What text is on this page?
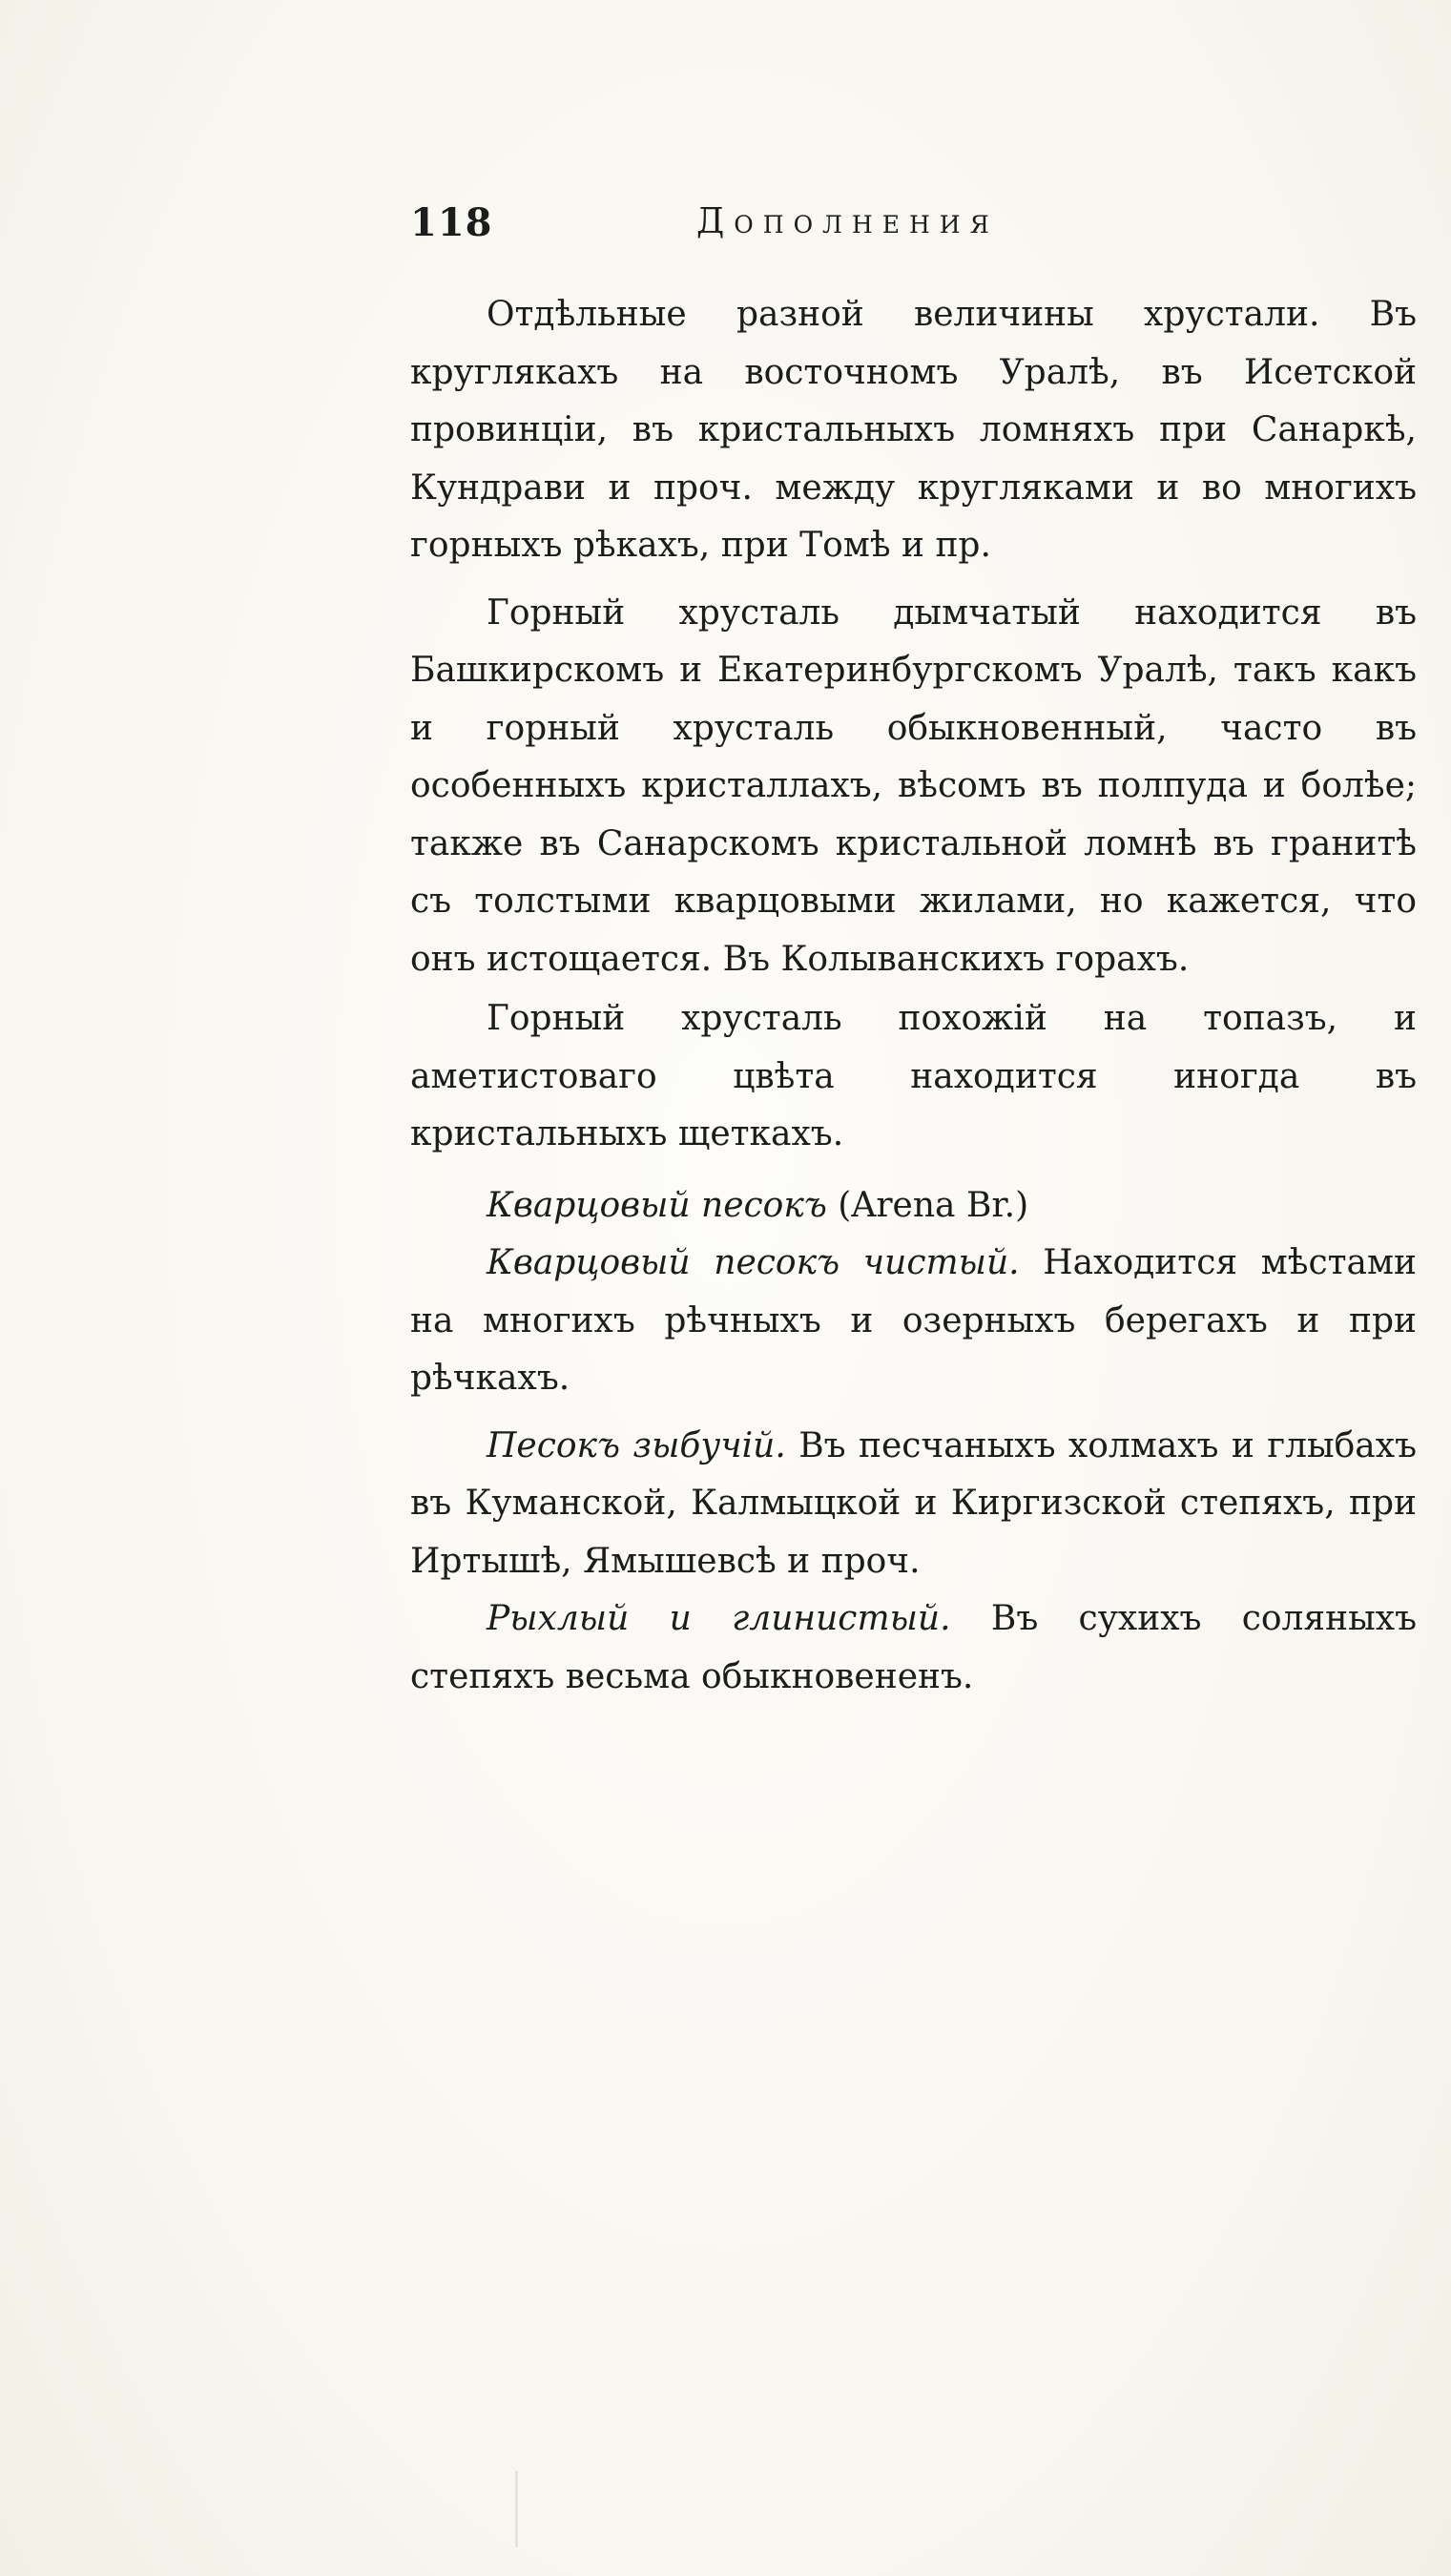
118	Дополнения

Отдѣльные разной величины хрустали. Въ круглякахъ на восточномъ Уралѣ, въ Исетской провинціи, въ кристальныхъ ломняхъ при Санаркѣ, Кундрави и проч. между кругляками и во многихъ горныхъ рѣкахъ, при Томѣ и пр.

Горный хрусталь дымчатый находится въ Башкирскомъ и Екатеринбургскомъ Уралѣ, такъ какъ и горный хрусталь обыкновенный, часто въ особенныхъ кристаллахъ, вѣсомъ въ полпуда и болѣе; также въ Санарскомъ кристальной ломнѣ въ гранитѣ съ толстыми кварцовыми жилами, но кажется, что онъ истощается. Въ Колыванскихъ горахъ.

Горный хрусталь похожій на топазъ, и аметистоваго цвѣта находится иногда въ кристальныхъ щеткахъ.

Кварцовый песокъ (Arena Br.)

Кварцовый песокъ чистый. Находится мѣстами на многихъ рѣчныхъ и озерныхъ берегахъ и при рѣчкахъ.

Песокъ зыбучій. Въ песчаныхъ холмахъ и глыбахъ въ Куманской, Калмыцкой и Киргизской степяхъ, при Иртышѣ, Ямышевсѣ и проч.

Рыхлый и глинистый. Въ сухихъ соляныхъ степяхъ весьма обыкновененъ.
